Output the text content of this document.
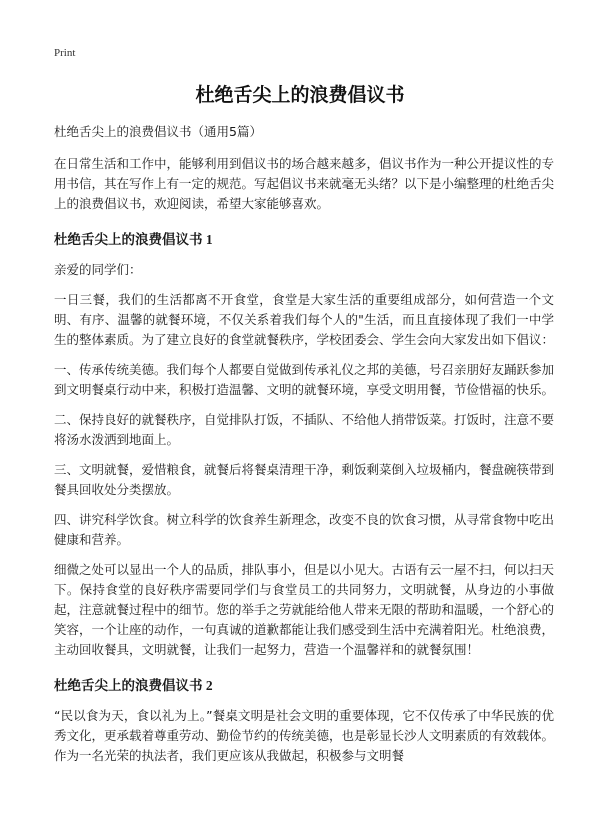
Print
杜绝舌尖上的浪费倡议书

杜绝舌尖上的浪费倡议书（通用5篇）

在日常生活和工作中，能够利用到倡议书的场合越来越多，倡议书作为一种公开提议性的专用书信，其在写作上有一定的规范。写起倡议书来就毫无头绪？以下是小编整理的杜绝舌尖上的浪费倡议书，欢迎阅读，希望大家能够喜欢。

杜绝舌尖上的浪费倡议书 1

亲爱的同学们：

一日三餐，我们的生活都离不开食堂，食堂是大家生活的重要组成部分，如何营造一个文明、有序、温馨的就餐环境，不仅关系着我们每个人的"生活，而且直接体现了我们一中学生的整体素质。为了建立良好的食堂就餐秩序，学校团委会、学生会向大家发出如下倡议：

一、传承传统美德。我们每个人都要自觉做到传承礼仪之邦的美德，号召亲朋好友踊跃参加到文明餐桌行动中来，积极打造温馨、文明的就餐环境，享受文明用餐，节俭惜福的快乐。

二、保持良好的就餐秩序，自觉排队打饭，不插队、不给他人捎带饭菜。打饭时，注意不要将汤水泼洒到地面上。

三、文明就餐，爱惜粮食，就餐后将餐桌清理干净，剩饭剩菜倒入垃圾桶内，餐盘碗筷带到餐具回收处分类摆放。

四、讲究科学饮食。树立科学的饮食养生新理念，改变不良的饮食习惯，从寻常食物中吃出健康和营养。

细微之处可以显出一个人的品质，排队事小，但是以小见大。古语有云一屋不扫，何以扫天下。保持食堂的良好秩序需要同学们与食堂员工的共同努力，文明就餐，从身边的小事做起，注意就餐过程中的细节。您的举手之劳就能给他人带来无限的帮助和温暖，一个舒心的笑容，一个让座的动作，一句真诚的道歉都能让我们感受到生活中充满着阳光。杜绝浪费，主动回收餐具，文明就餐，让我们一起努力，营造一个温馨祥和的就餐氛围！

杜绝舌尖上的浪费倡议书 2

“民以食为天，食以礼为上。”餐桌文明是社会文明的重要体现，它不仅传承了中华民族的优秀文化，更承载着尊重劳动、勤俭节约的传统美德，也是彰显长沙人文明素质的有效载体。作为一名光荣的执法者，我们更应该从我做起，积极参与文明餐
